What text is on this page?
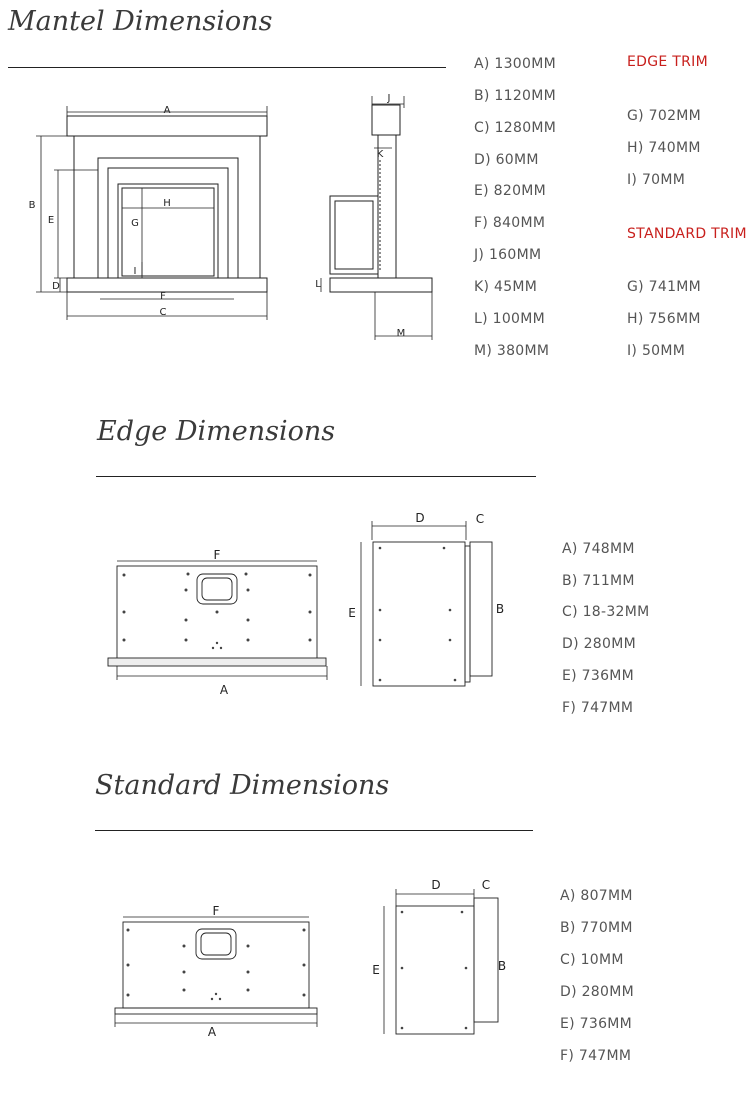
Mantel Dimensions
A
C
F
H
B
E
D
G
I
J
K
L
M
A) 1300MM
B) 1120MM
C) 1280MM
D) 60MM
E) 820MM
F) 840MM
J) 160MM
K) 45MM
L) 100MM
M) 380MM
EDGE TRIM
G) 702MM
H) 740MM
I) 70MM
STANDARD TRIM
G) 741MM
H) 756MM
I) 50MM
Edge Dimensions
F
A
D	C
E	B
A) 748MM
B) 711MM
C) 18-32MM
D) 280MM
E) 736MM
F) 747MM
Standard Dimensions
F
A
D	C
E	B
A) 807MM
B) 770MM
C) 10MM
D) 280MM
E) 736MM
F) 747MM
